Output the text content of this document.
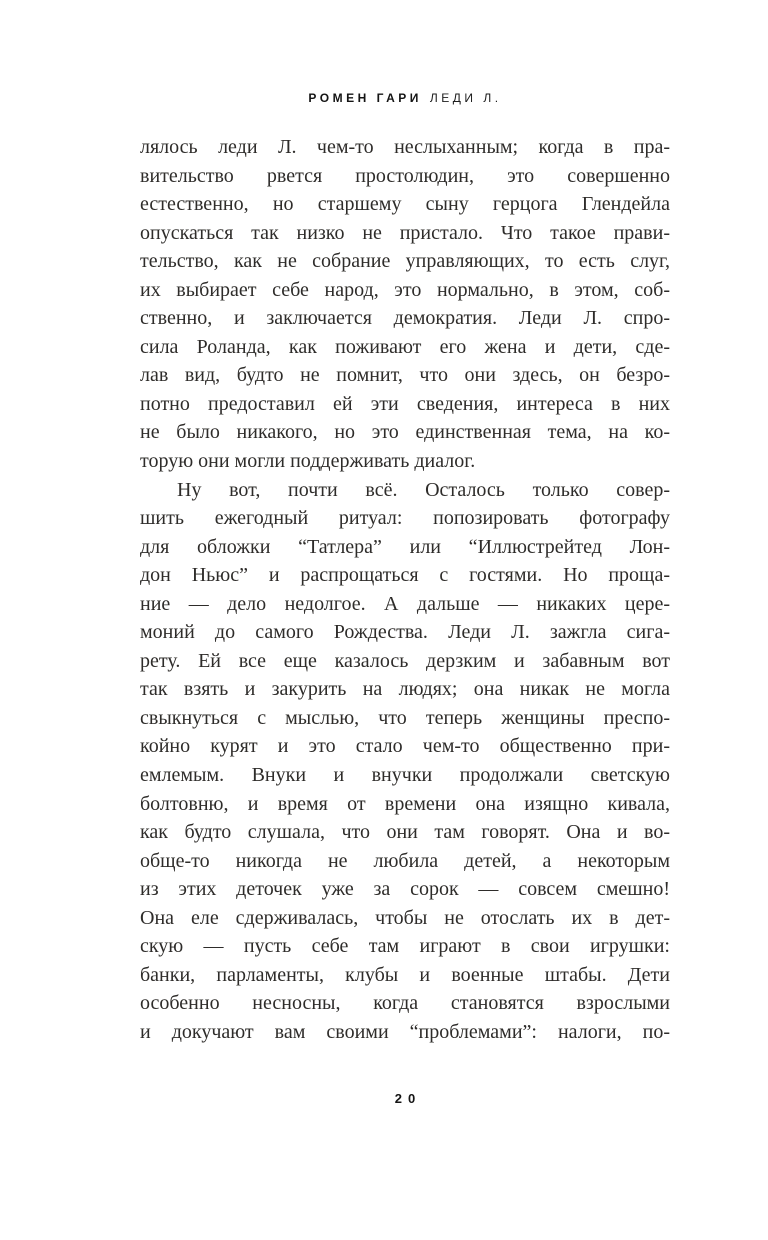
РОМЕН ГАРИ ЛЕДИ Л.
лялось леди Л. чем-то неслыханным; когда в пра-
вительство рвется простолюдин, это совершенно
естественно, но старшему сыну герцога Глендейла
опускаться так низко не пристало. Что такое прави-
тельство, как не собрание управляющих, то есть слуг,
их выбирает себе народ, это нормально, в этом, соб-
ственно, и заключается демократия. Леди Л. спро-
сила Роланда, как поживают его жена и дети, сде-
лав вид, будто не помнит, что они здесь, он безро-
потно предоставил ей эти сведения, интереса в них
не было никакого, но это единственная тема, на ко-
торую они могли поддерживать диалог.
Ну вот, почти всё. Осталось только совер-
шить ежегодный ритуал: попозировать фотографу
для обложки “Татлера” или “Иллюстрейтед Лон-
дон Ньюс” и распрощаться с гостями. Но проща-
ние — дело недолгое. А дальше — никаких цере-
моний до самого Рождества. Леди Л. зажгла сига-
рету. Ей все еще казалось дерзким и забавным вот
так взять и закурить на людях; она никак не могла
свыкнуться с мыслью, что теперь женщины преспо-
койно курят и это стало чем-то общественно при-
емлемым. Внуки и внучки продолжали светскую
болтовню, и время от времени она изящно кивала,
как будто слушала, что они там говорят. Она и во-
обще-то никогда не любила детей, а некоторым
из этих деточек уже за сорок — совсем смешно!
Она еле сдерживалась, чтобы не отослать их в дет-
скую — пусть себе там играют в свои игрушки:
банки, парламенты, клубы и военные штабы. Дети
особенно несносны, когда становятся взрослыми
и докучают вам своими “проблемами”: налоги, по-
20
